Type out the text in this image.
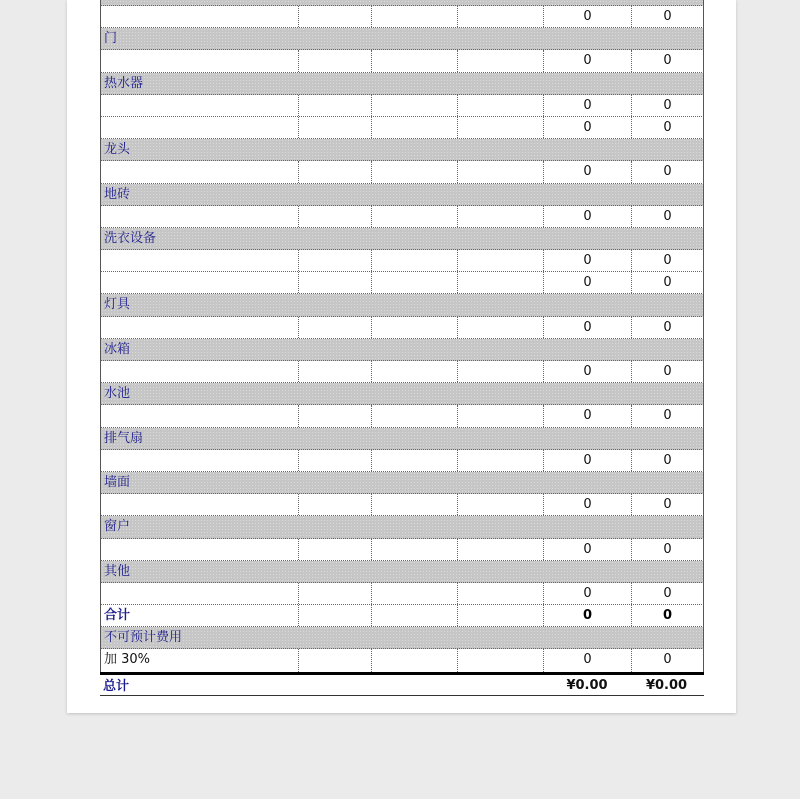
0	0
门
0	0
热水器
0	0
0	0
龙头
0	0
地砖
0	0
洗衣设备
0	0
0	0
灯具
0	0
冰箱
0	0
水池
0	0
排气扇
0	0
墙面
0	0
窗户
0	0
其他
0	0
合计	0	0
不可预计费用
加 30%	0	0
总计	¥0.00	¥0.00
